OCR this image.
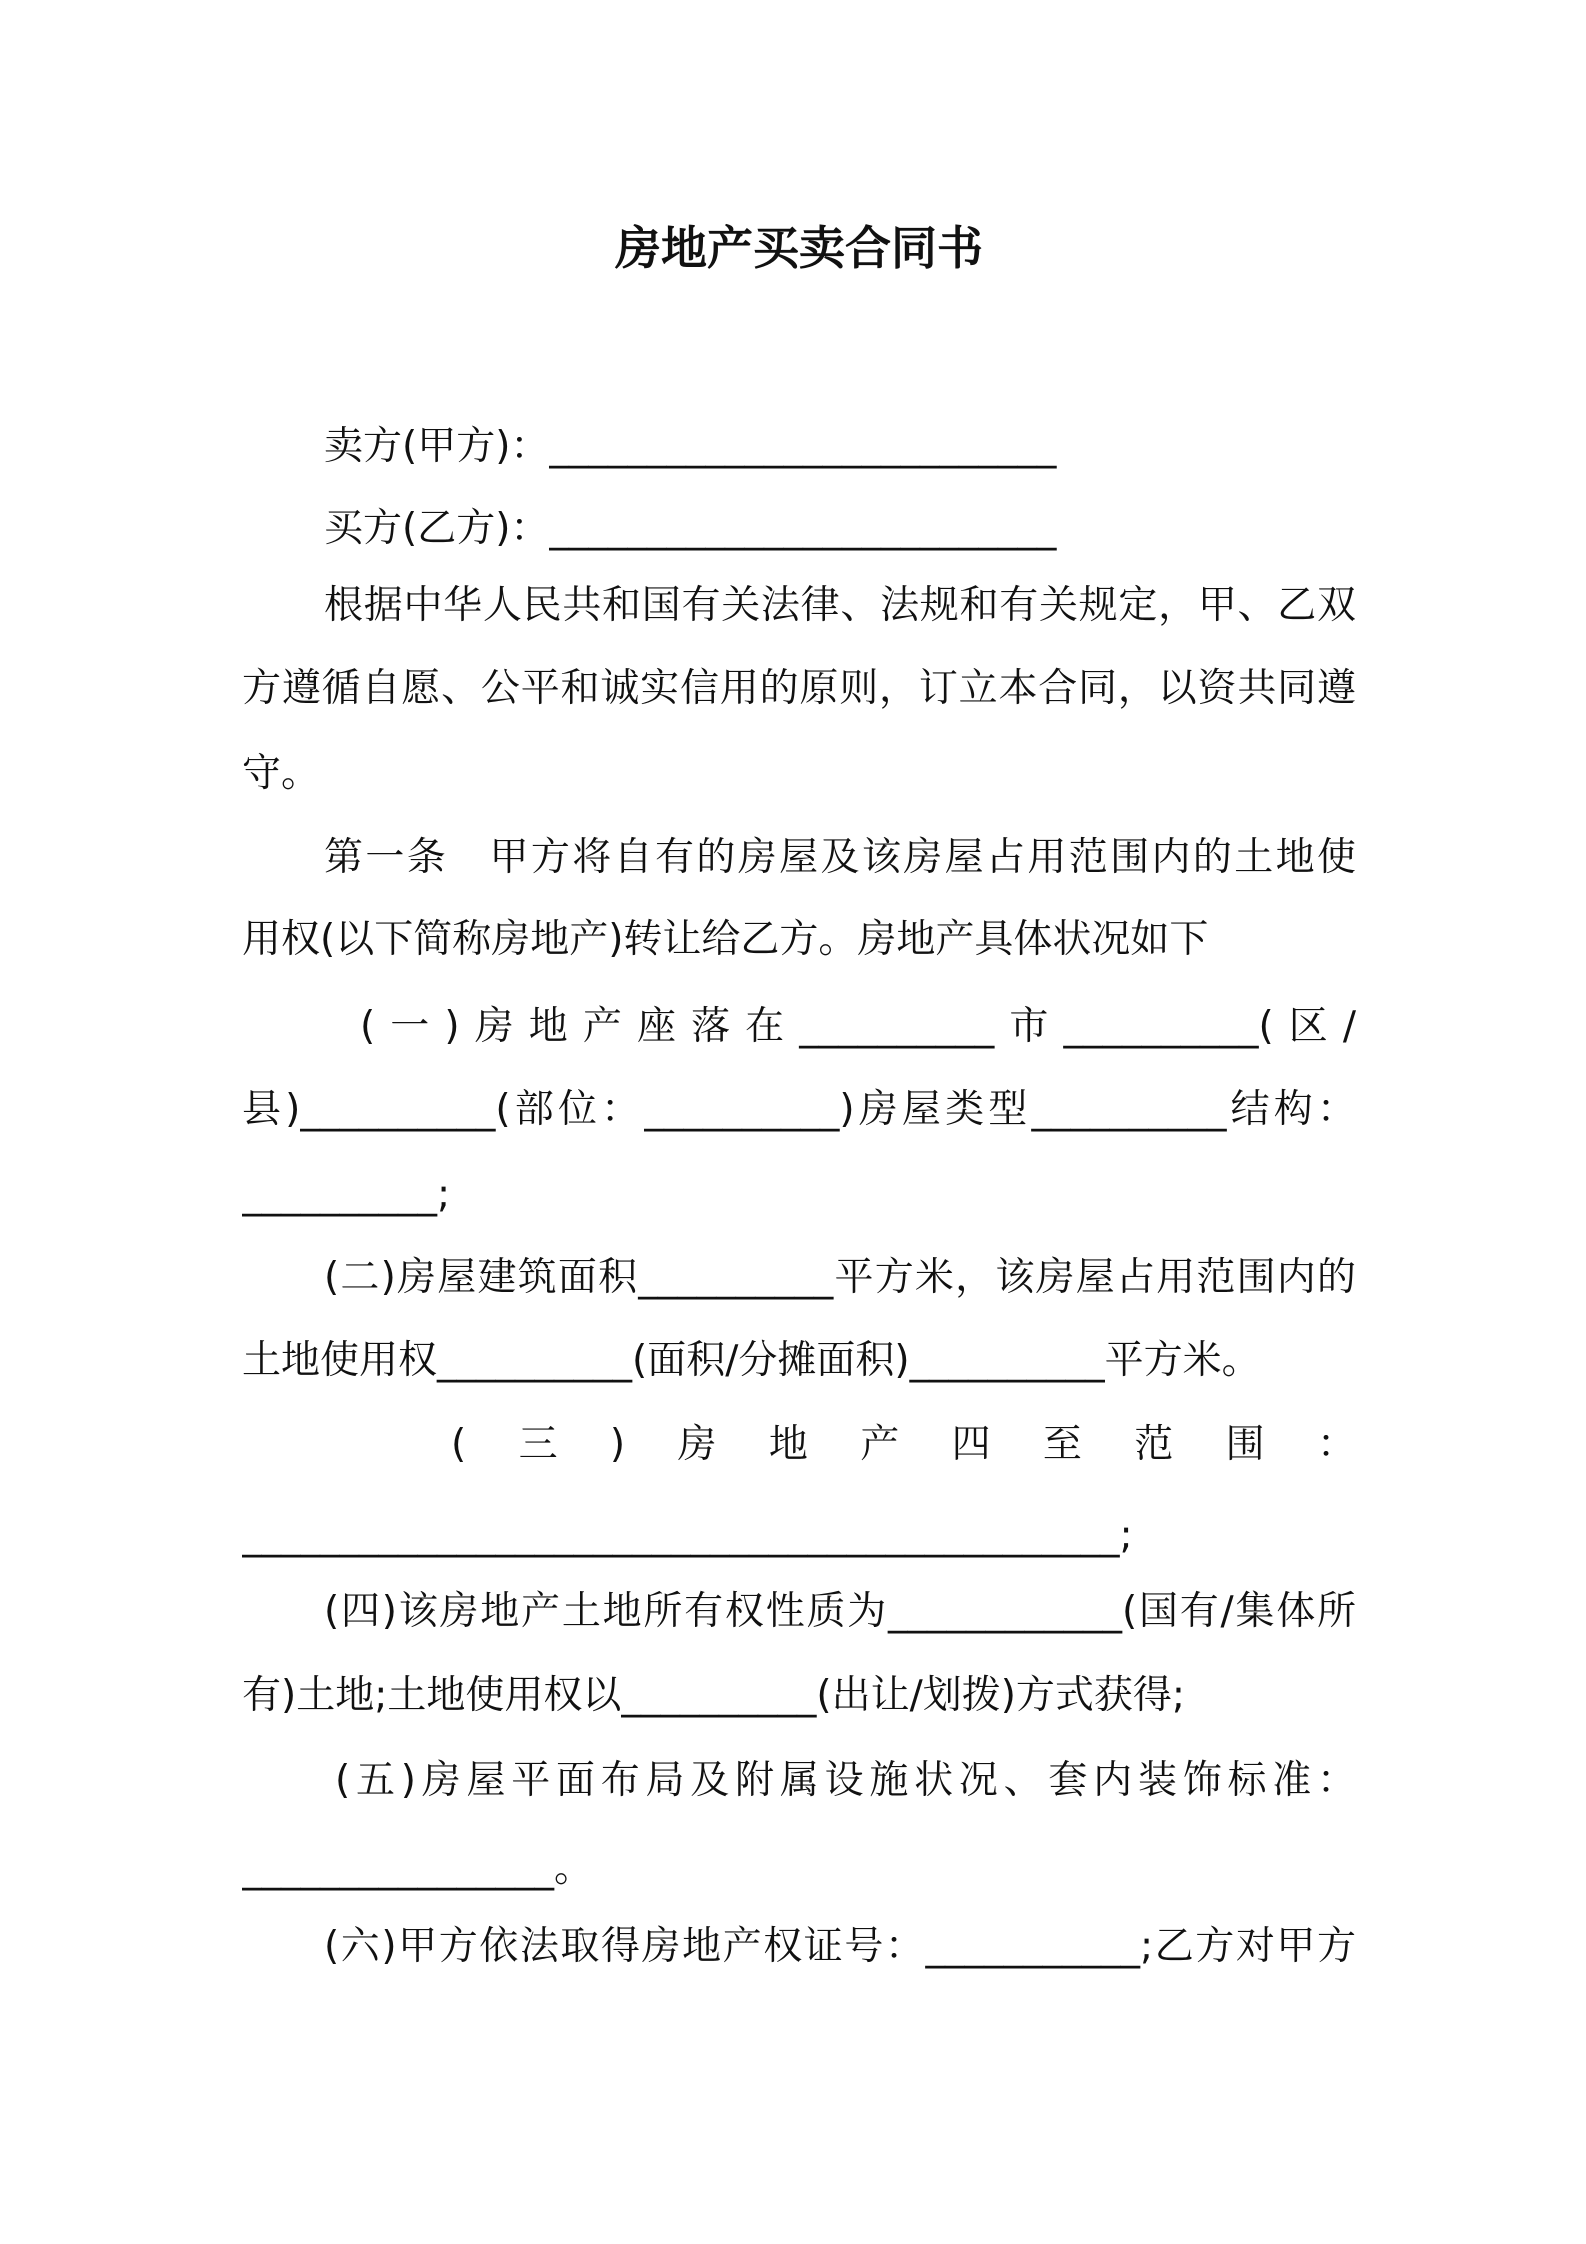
房地产买卖合同书
卖方(甲方)：__________________________
买方(乙方)：__________________________
根据中华人民共和国有关法律、法规和有关规定，甲、乙双
方遵循自愿、公平和诚实信用的原则，订立本合同，以资共同遵
守。
第一条　甲方将自有的房屋及该房屋占用范围内的土地使
用权(以下简称房地产)转让给乙方。房地产具体状况如下
(一)房地产座落在__________市__________(区/
县)__________(部位：__________)房屋类型__________结构：
__________;
(二)房屋建筑面积__________平方米，该房屋占用范围内的
土地使用权__________(面积/分摊面积)__________平方米。
(三)房地产四至范围：
_____________________________________________;
(四)该房地产土地所有权性质为____________(国有/集体所
有)土地;土地使用权以__________(出让/划拨)方式获得;
(五)房屋平面布局及附属设施状况、套内装饰标准：
________________。
(六)甲方依法取得房地产权证号：___________;乙方对甲方
